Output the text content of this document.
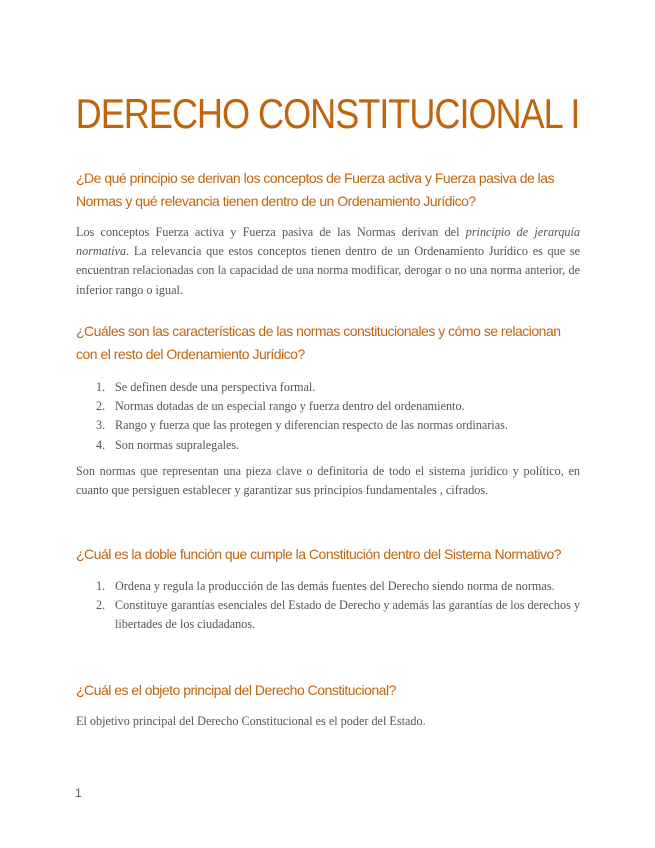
DERECHO CONSTITUCIONAL I
¿De qué principio se derivan los conceptos de Fuerza activa y Fuerza pasiva de las Normas y qué relevancia tienen dentro de un Ordenamiento Jurídico?

Los conceptos Fuerza activa y Fuerza pasiva de las Normas derivan del principio de jerarquía normativa. La relevancia que estos conceptos tienen dentro de un Ordenamiento Jurídico es que se encuentran relacionadas con la capacidad de una norma modificar, derogar o no una norma anterior, de inferior rango o igual.

¿Cuáles son las características de las normas constitucionales y cómo se relacionan con el resto del Ordenamiento Jurídico?
1. Se definen desde una perspectiva formal.
2. Normas dotadas de un especial rango y fuerza dentro del ordenamiento.
3. Rango y fuerza que las protegen y diferencian respecto de las normas ordinarias.
4. Son normas supralegales.

Son normas que representan una pieza clave o definitoria de todo el sistema jurídico y político, en cuanto que persiguen establecer y garantizar sus principios fundamentales , cifrados.

¿Cuál es la doble función que cumple la Constitución dentro del Sistema Normativo?
1. Ordena y regula la producción de las demás fuentes del Derecho siendo norma de normas.
2. Constituye garantías esenciales del Estado de Derecho y además las garantías de los derechos y libertades de los ciudadanos.
¿Cuál es el objeto principal del Derecho Constitucional?

El objetivo principal del Derecho Constitucional es el poder del Estado.

1
